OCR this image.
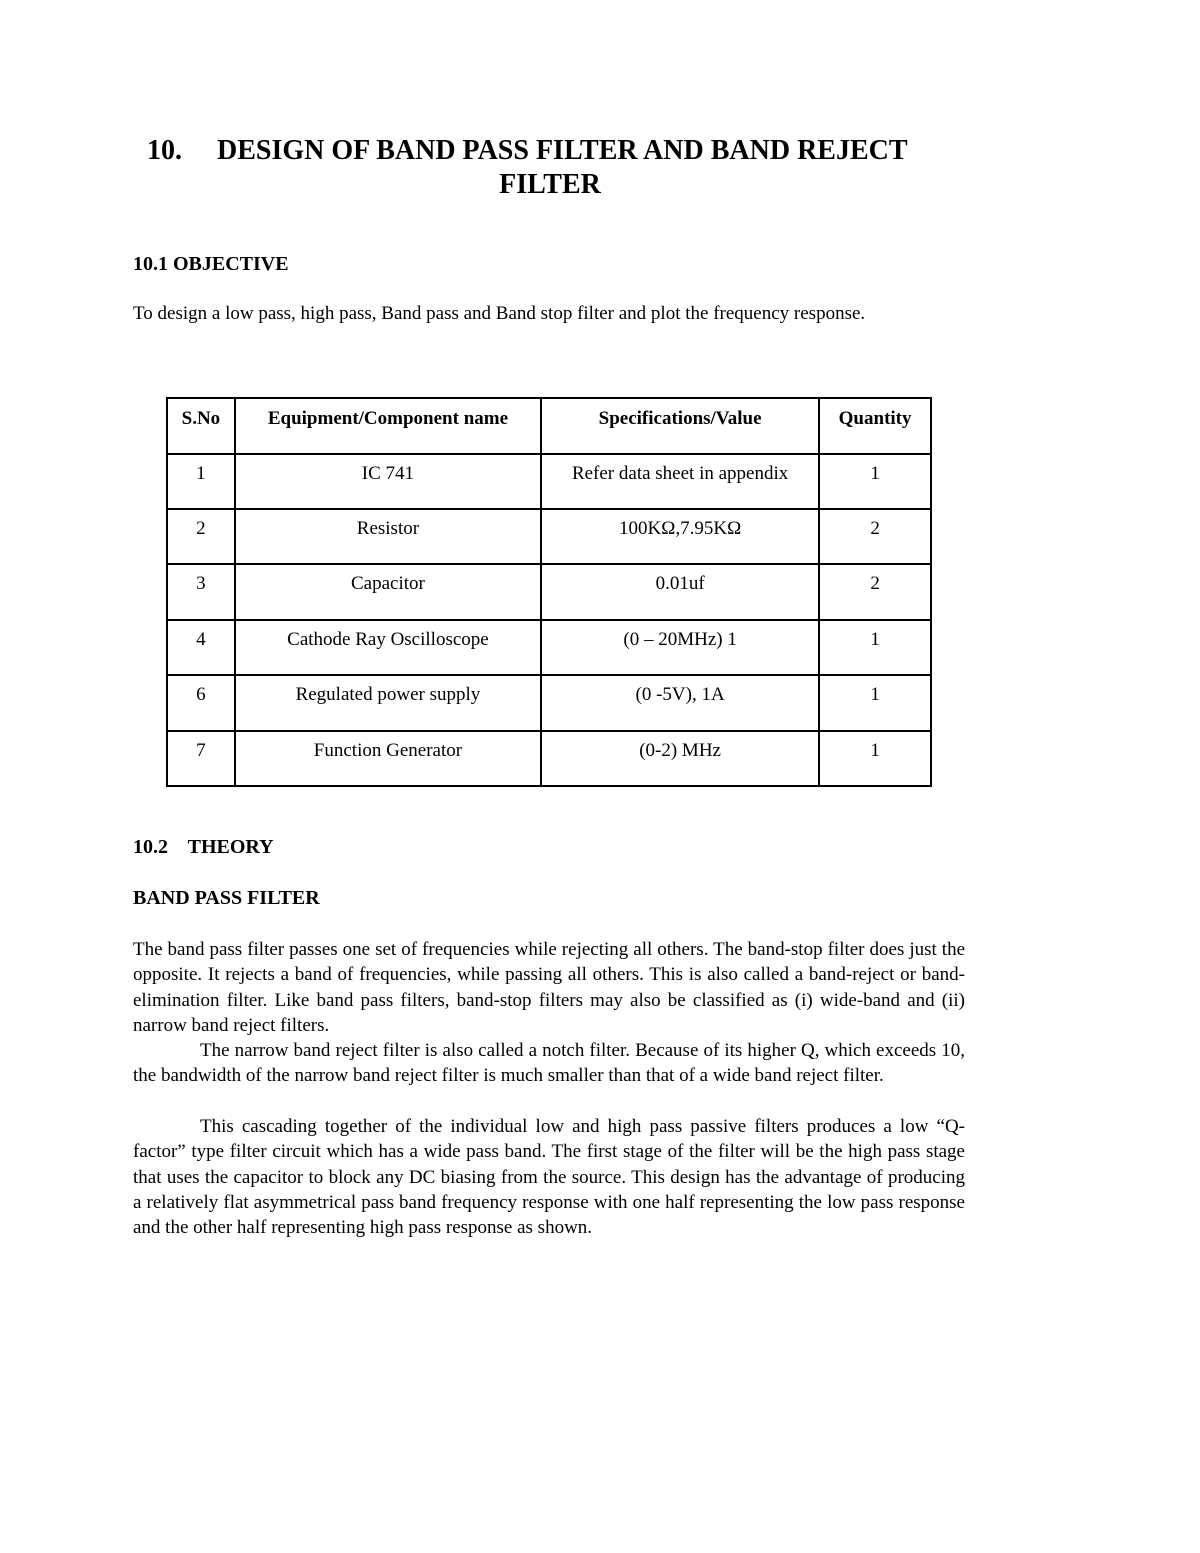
10. DESIGN OF BAND PASS FILTER AND BAND REJECT
FILTER
10.1 OBJECTIVE
To design a low pass, high pass, Band pass and Band stop filter and plot the frequency response.
S.No	Equipment/Component name	Specifications/Value	Quantity
1	IC 741	Refer data sheet in appendix	1
2	Resistor	100KΩ,7.95KΩ	2
3	Capacitor	0.01uf	2
4	Cathode Ray Oscilloscope	(0 – 20MHz) 1	1
6	Regulated power supply	(0 -5V), 1A	1
7	Function Generator	(0-2) MHz	1
10.2    THEORY
BAND PASS FILTER
The band pass filter passes one set of frequencies while rejecting all others. The band-stop filter does just the opposite. It rejects a band of frequencies, while passing all others. This is also called a band-reject or band-elimination filter. Like band pass filters, band-stop filters may also be classified as (i) wide-band and (ii) narrow band reject filters.
The narrow band reject filter is also called a notch filter. Because of its higher Q, which exceeds 10, the bandwidth of the narrow band reject filter is much smaller than that of a wide band reject filter.
This cascading together of the individual low and high pass passive filters produces a low “Q-factor” type filter circuit which has a wide pass band. The first stage of the filter will be the high pass stage that uses the capacitor to block any DC biasing from the source. This design has the advantage of producing a relatively flat asymmetrical pass band frequency response with one half representing the low pass response and the other half representing high pass response as shown.
